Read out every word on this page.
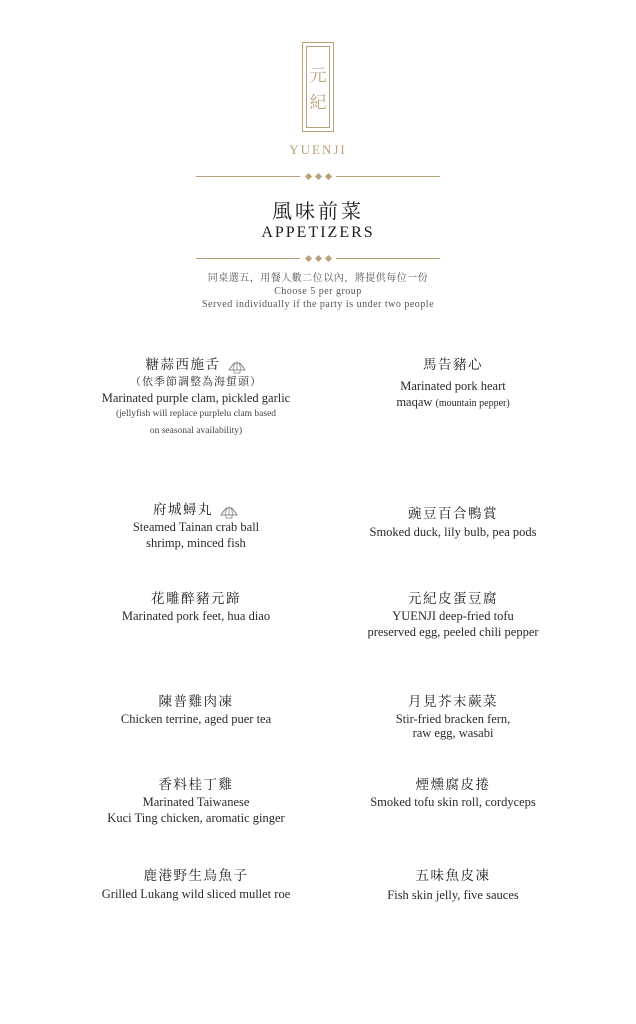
元
紀
YUENJI
風味前菜
APPETIZERS
同桌選五，用餐人數二位以內，將提供每位一份
Choose 5 per group
Served individually if the party is under two people
糖蒜西施舌
（依季節調整為海蜇頭）
Marinated purple clam, pickled garlic
(jellyfish will replace purplelu clam based
on seasonal availability)
馬告豬心
Marinated pork heart
maqaw (mountain pepper)
府城蟳丸
Steamed Tainan crab ball
shrimp, minced fish
豌豆百合鴨賞
Smoked duck, lily bulb, pea pods
花雕醉豬元蹄
Marinated pork feet, hua diao
元紀皮蛋豆腐
YUENJI deep-fried tofu
preserved egg, peeled chili pepper
陳普雞肉凍
Chicken terrine, aged puer tea
月見芥末蕨菜
Stir-fried bracken fern,
raw egg, wasabi
香料桂丁雞
Marinated Taiwanese
Kuci Ting chicken, aromatic ginger
煙燻腐皮捲
Smoked tofu skin roll, cordyceps
鹿港野生烏魚子
Grilled Lukang wild sliced mullet roe
五味魚皮凍
Fish skin jelly, five sauces
